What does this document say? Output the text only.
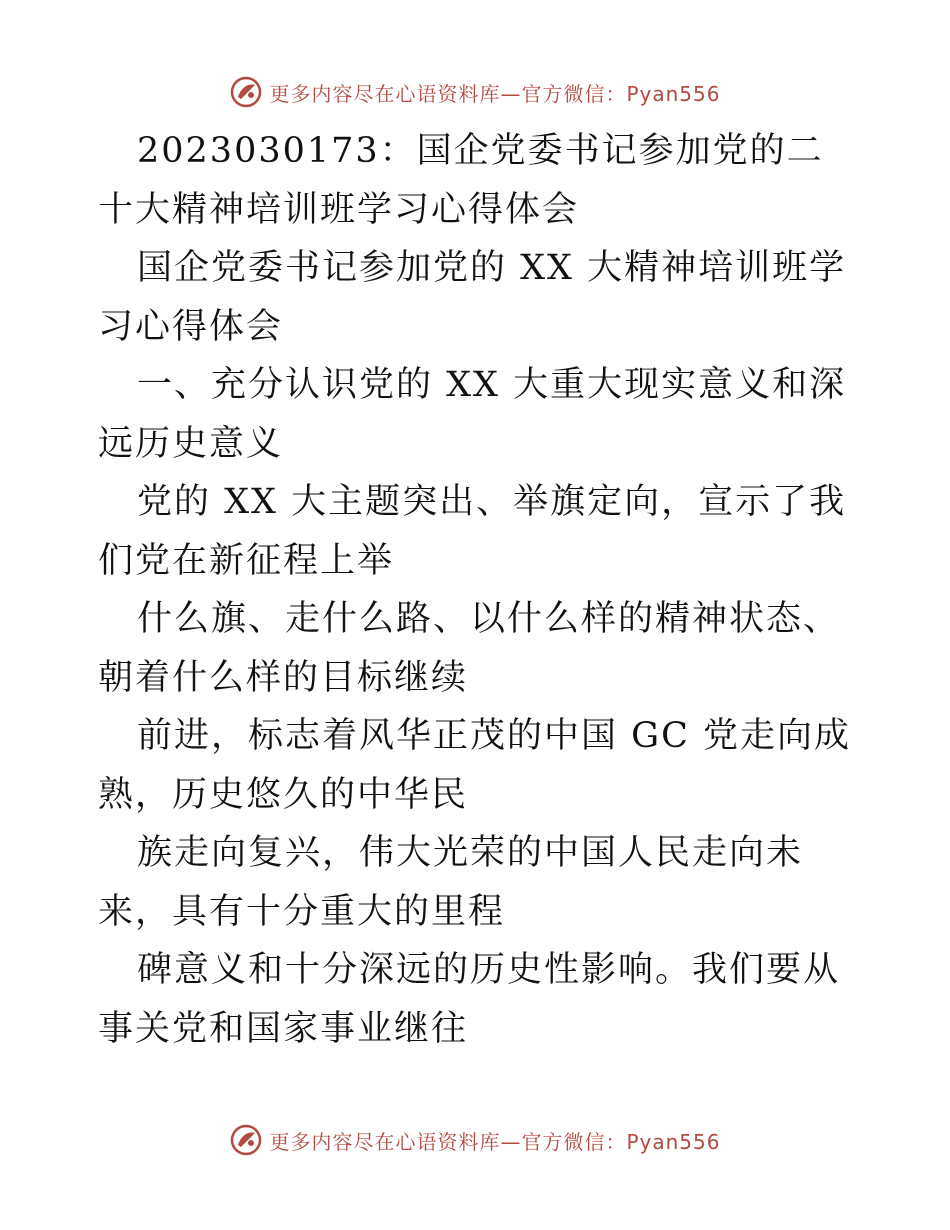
更多内容尽在心语资料库—官方微信：Pyan556

2023030173：国企党委书记参加党的二十大精神培训班学习心得体会

国企党委书记参加党的 XX 大精神培训班学习心得体会

一、充分认识党的 XX 大重大现实意义和深远历史意义

党的 XX 大主题突出、举旗定向，宣示了我们党在新征程上举

什么旗、走什么路、以什么样的精神状态、朝着什么样的目标继续

前进，标志着风华正茂的中国 GC 党走向成熟，历史悠久的中华民

族走向复兴，伟大光荣的中国人民走向未来，具有十分重大的里程

碑意义和十分深远的历史性影响。我们要从事关党和国家事业继往

更多内容尽在心语资料库—官方微信：Pyan556
